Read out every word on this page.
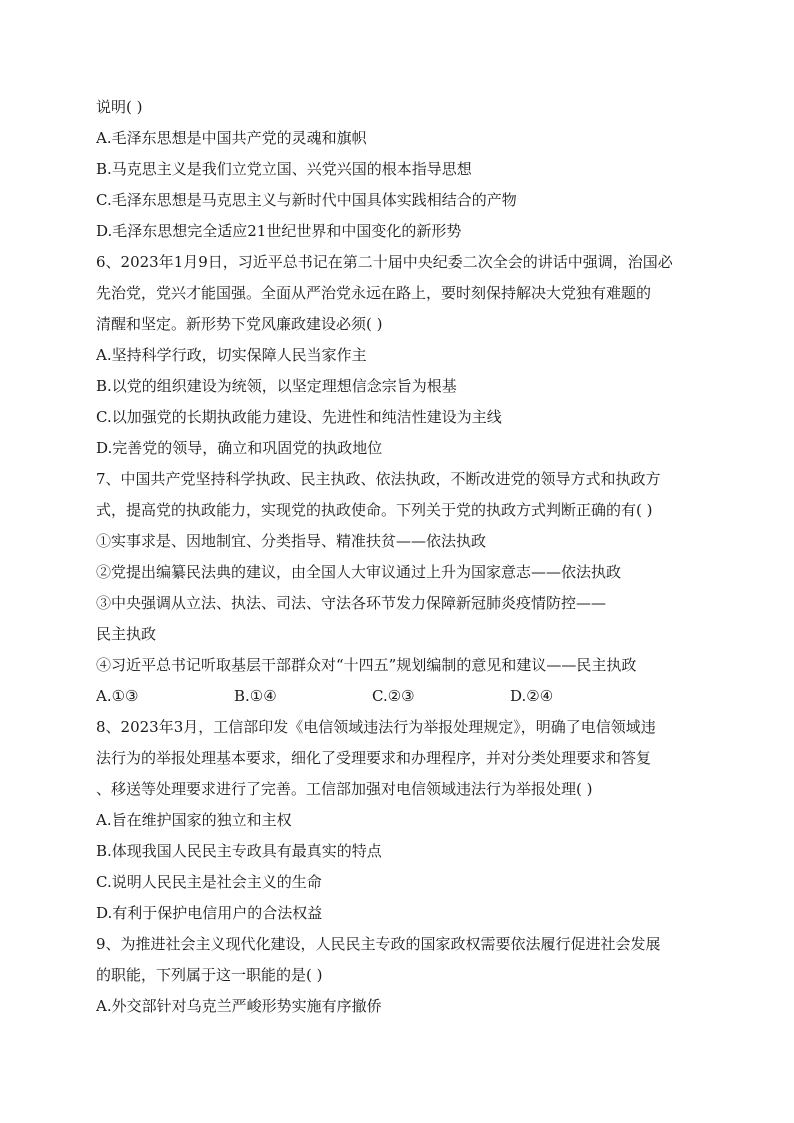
说明( )
A.毛泽东思想是中国共产党的灵魂和旗帜
B.马克思主义是我们立党立国、兴党兴国的根本指导思想
C.毛泽东思想是马克思主义与新时代中国具体实践相结合的产物
D.毛泽东思想完全适应21世纪世界和中国变化的新形势
6、2023年1月9日，习近平总书记在第二十届中央纪委二次全会的讲话中强调，治国必
先治党，党兴才能国强。全面从严治党永远在路上，要时刻保持解决大党独有难题的
清醒和坚定。新形势下党风廉政建设必须( )
A.坚持科学行政，切实保障人民当家作主
B.以党的组织建设为统领，以坚定理想信念宗旨为根基
C.以加强党的长期执政能力建设、先进性和纯洁性建设为主线
D.完善党的领导，确立和巩固党的执政地位
7、中国共产党坚持科学执政、民主执政、依法执政，不断改进党的领导方式和执政方
式，提高党的执政能力，实现党的执政使命。下列关于党的执政方式判断正确的有( )
①实事求是、因地制宜、分类指导、精准扶贫——依法执政
②党提出编纂民法典的建议，由全国人大审议通过上升为国家意志——依法执政
③中央强调从立法、执法、司法、守法各环节发力保障新冠肺炎疫情防控——
民主执政
④习近平总书记听取基层干部群众对“十四五”规划编制的意见和建议——民主执政
A.①③	B.①④	C.②③	D.②④
8、2023年3月，工信部印发《电信领域违法行为举报处理规定》，明确了电信领域违
法行为的举报处理基本要求，细化了受理要求和办理程序，并对分类处理要求和答复
、移送等处理要求进行了完善。工信部加强对电信领域违法行为举报处理( )
A.旨在维护国家的独立和主权
B.体现我国人民民主专政具有最真实的特点
C.说明人民民主是社会主义的生命
D.有利于保护电信用户的合法权益
9、为推进社会主义现代化建设，人民民主专政的国家政权需要依法履行促进社会发展
的职能，下列属于这一职能的是( )
A.外交部针对乌克兰严峻形势实施有序撤侨
